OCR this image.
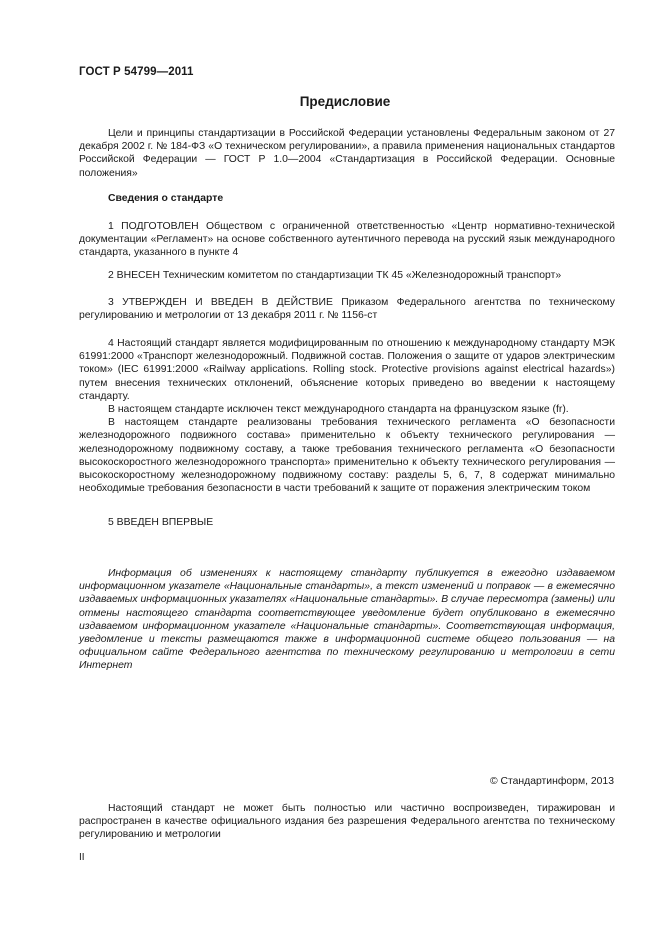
ГОСТ Р 54799—2011
Предисловие

Цели и принципы стандартизации в Российской Федерации установлены Федеральным законом от 27 декабря 2002 г. № 184-ФЗ «О техническом регулировании», а правила применения национальных стандартов Российской Федерации — ГОСТ Р 1.0—2004 «Стандартизация в Российской Федерации. Основные положения»

Сведения о стандарте

1 ПОДГОТОВЛЕН Обществом с ограниченной ответственностью «Центр нормативно-технической документации «Регламент» на основе собственного аутентичного перевода на русский язык международного стандарта, указанного в пункте 4

2 ВНЕСЕН Техническим комитетом по стандартизации ТК 45 «Железнодорожный транспорт»

3 УТВЕРЖДЕН И ВВЕДЕН В ДЕЙСТВИЕ Приказом Федерального агентства по техническому регулированию и метрологии от 13 декабря 2011 г. № 1156-ст

4 Настоящий стандарт является модифицированным по отношению к международному стандарту МЭК 61991:2000 «Транспорт железнодорожный. Подвижной состав. Положения о защите от ударов электрическим током» (IEC 61991:2000 «Railway applications. Rolling stock. Protective provisions against electrical hazards») путем внесения технических отклонений, объяснение которых приведено во введении к настоящему стандарту.

В настоящем стандарте исключен текст международного стандарта на французском языке (fr).

В настоящем стандарте реализованы требования технического регламента «О безопасности железнодорожного подвижного состава» применительно к объекту технического регулирования — железнодорожному подвижному составу, а также требования технического регламента «О безопасности высокоскоростного железнодорожного транспорта» применительно к объекту технического регулирования — высокоскоростному железнодорожному подвижному составу: разделы 5, 6, 7, 8 содержат минимально необходимые требования безопасности в части требований к защите от поражения электрическим током

5 ВВЕДЕН ВПЕРВЫЕ

Информация об изменениях к настоящему стандарту публикуется в ежегодно издаваемом информационном указателе «Национальные стандарты», а текст изменений и поправок — в ежемесячно издаваемых информационных указателях «Национальные стандарты». В случае пересмотра (замены) или отмены настоящего стандарта соответствующее уведомление будет опубликовано в ежемесячно издаваемом информационном указателе «Национальные стандарты». Соответствующая информация, уведомление и тексты размещаются также в информационной системе общего пользования — на официальном сайте Федерального агентства по техническому регулированию и метрологии в сети Интернет

© Стандартинформ, 2013

Настоящий стандарт не может быть полностью или частично воспроизведен, тиражирован и распространен в качестве официального издания без разрешения Федерального агентства по техническому регулированию и метрологии

II
